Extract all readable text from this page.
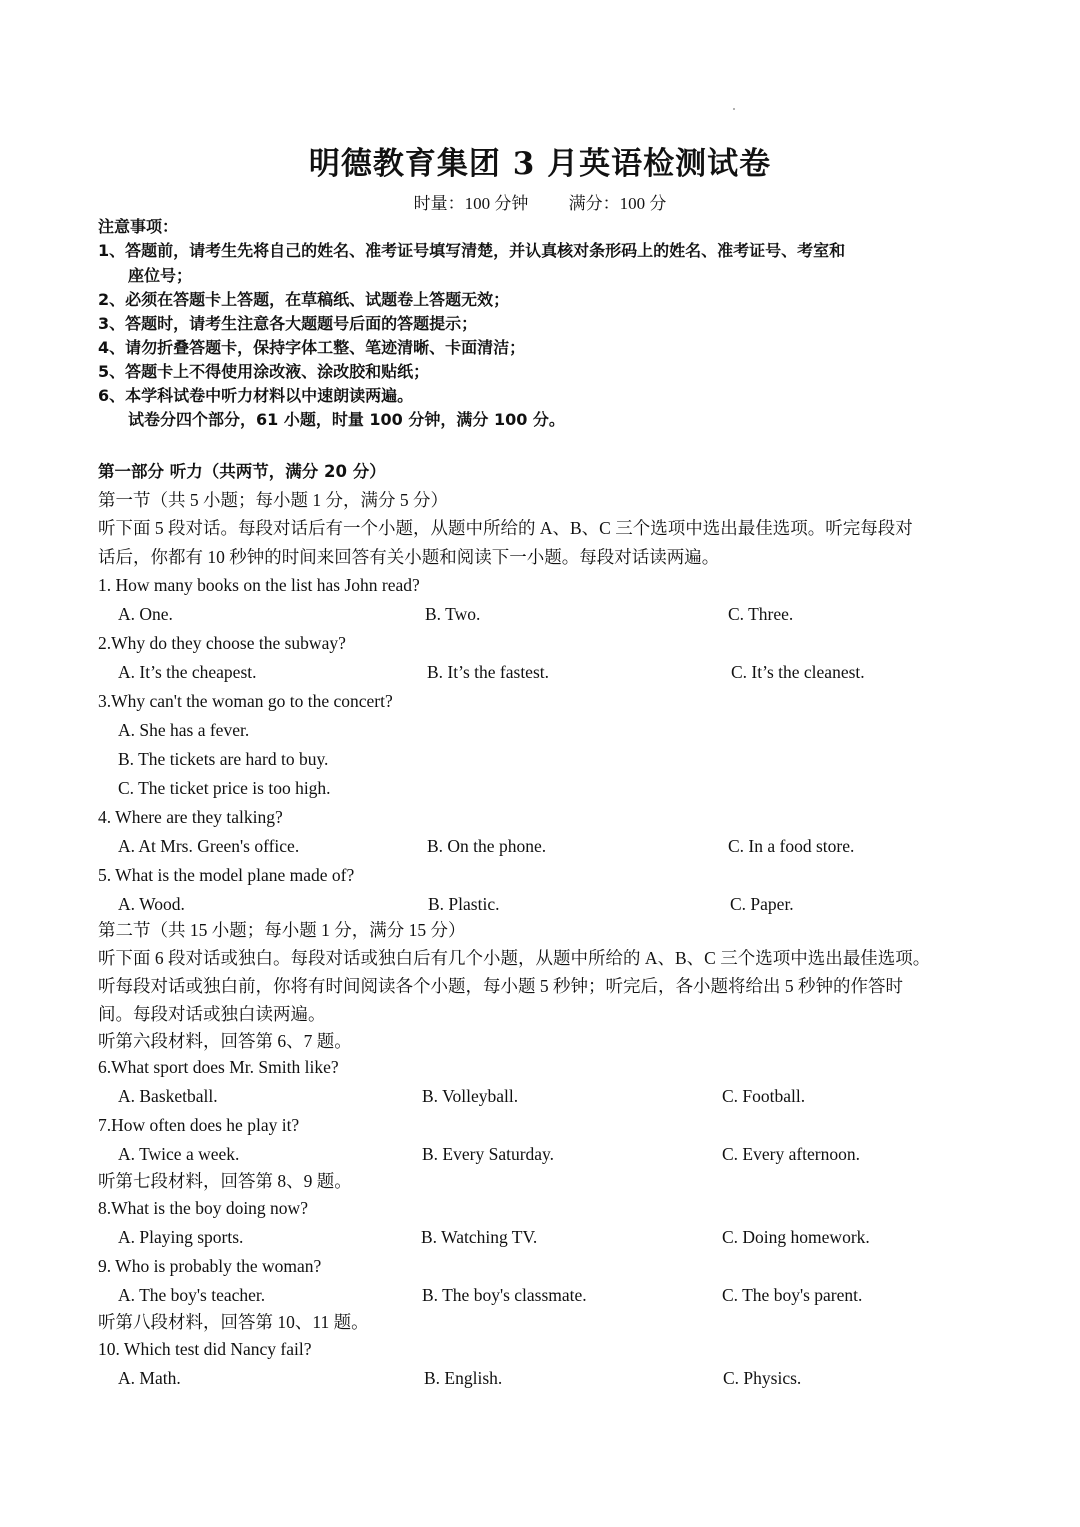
明德教育集团 3 月英语检测试卷
时量：100 分钟 满分：100 分
注意事项：
1、答题前，请考生先将自己的姓名、准考证号填写清楚，并认真核对条形码上的姓名、准考证号、考室和
座位号；
2、必须在答题卡上答题，在草稿纸、试题卷上答题无效；
3、答题时，请考生注意各大题题号后面的答题提示；
4、请勿折叠答题卡，保持字体工整、笔迹清晰、卡面清洁；
5、答题卡上不得使用涂改液、涂改胶和贴纸；
6、本学科试卷中听力材料以中速朗读两遍。
试卷分四个部分，61 小题，时量 100 分钟，满分 100 分。
第一部分 听力（共两节，满分 20 分）
第一节（共 5 小题；每小题 1 分，满分 5 分）
听下面 5 段对话。每段对话后有一个小题，从题中所给的 A、B、C 三个选项中选出最佳选项。听完每段对
话后，你都有 10 秒钟的时间来回答有关小题和阅读下一小题。每段对话读两遍。
1. How many books on the list has John read?
A. One.	B. Two.	C. Three.
2.Why do they choose the subway?
A. It’s the cheapest.	B. It’s the fastest.	C. It’s the cleanest.
3.Why can't the woman go to the concert?
A. She has a fever.
B. The tickets are hard to buy.
C. The ticket price is too high.
4. Where are they talking?
A. At Mrs. Green's office.	B. On the phone.	C. In a food store.
5. What is the model plane made of?
A. Wood.	B. Plastic.	C. Paper.
第二节（共 15 小题；每小题 1 分，满分 15 分）
听下面 6 段对话或独白。每段对话或独白后有几个小题，从题中所给的 A、B、C 三个选项中选出最佳选项。
听每段对话或独白前，你将有时间阅读各个小题，每小题 5 秒钟；听完后，各小题将给出 5 秒钟的作答时
间。每段对话或独白读两遍。
听第六段材料，回答第 6、7 题。
6.What sport does Mr. Smith like?
A. Basketball.	B. Volleyball.	C. Football.
7.How often does he play it?
A. Twice a week.	B. Every Saturday.	C. Every afternoon.
听第七段材料，回答第 8、9 题。
8.What is the boy doing now?
A. Playing sports.	B. Watching TV.	C. Doing homework.
9. Who is probably the woman?
A. The boy's teacher.	B. The boy's classmate.	C. The boy's parent.
听第八段材料，回答第 10、11 题。
10. Which test did Nancy fail?
A. Math.	B. English.	C. Physics.
